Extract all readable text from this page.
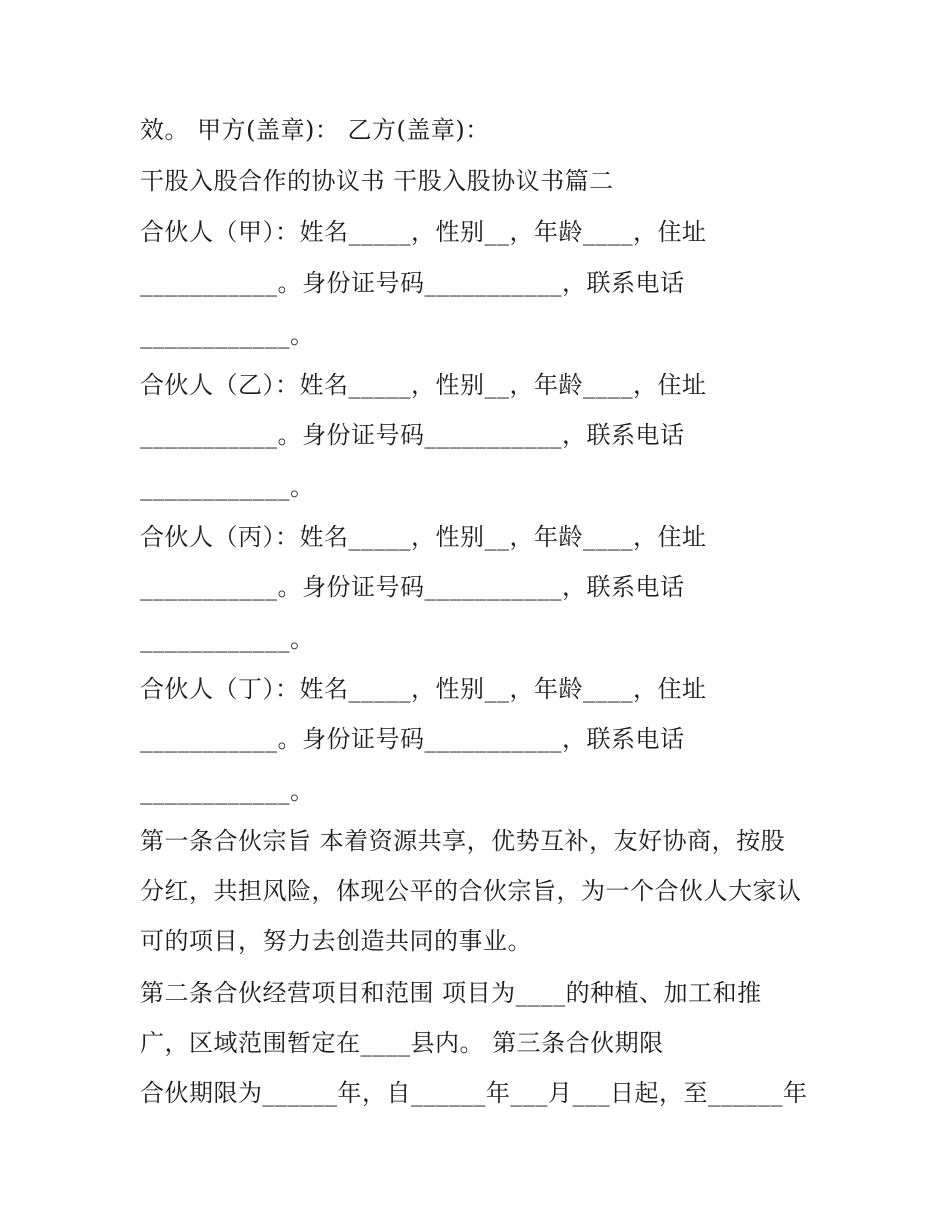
效。 甲方(盖章)： 乙方(盖章)：
干股入股合作的协议书 干股入股协议书篇二
合伙人（甲）：姓名_____，性别__，年龄____，住址
___________。身份证号码___________，联系电话
____________。
合伙人（乙）：姓名_____，性别__，年龄____，住址
___________。身份证号码___________，联系电话
____________。
合伙人（丙）：姓名_____，性别__，年龄____，住址
___________。身份证号码___________，联系电话
____________。
合伙人（丁）：姓名_____，性别__，年龄____，住址
___________。身份证号码___________，联系电话
____________。
第一条合伙宗旨 本着资源共享，优势互补，友好协商，按股
分红，共担风险，体现公平的合伙宗旨，为一个合伙人大家认
可的项目，努力去创造共同的事业。
第二条合伙经营项目和范围 项目为____的种植、加工和推
广，区域范围暂定在____县内。 第三条合伙期限
合伙期限为______年，自______年___月___日起，至______年
